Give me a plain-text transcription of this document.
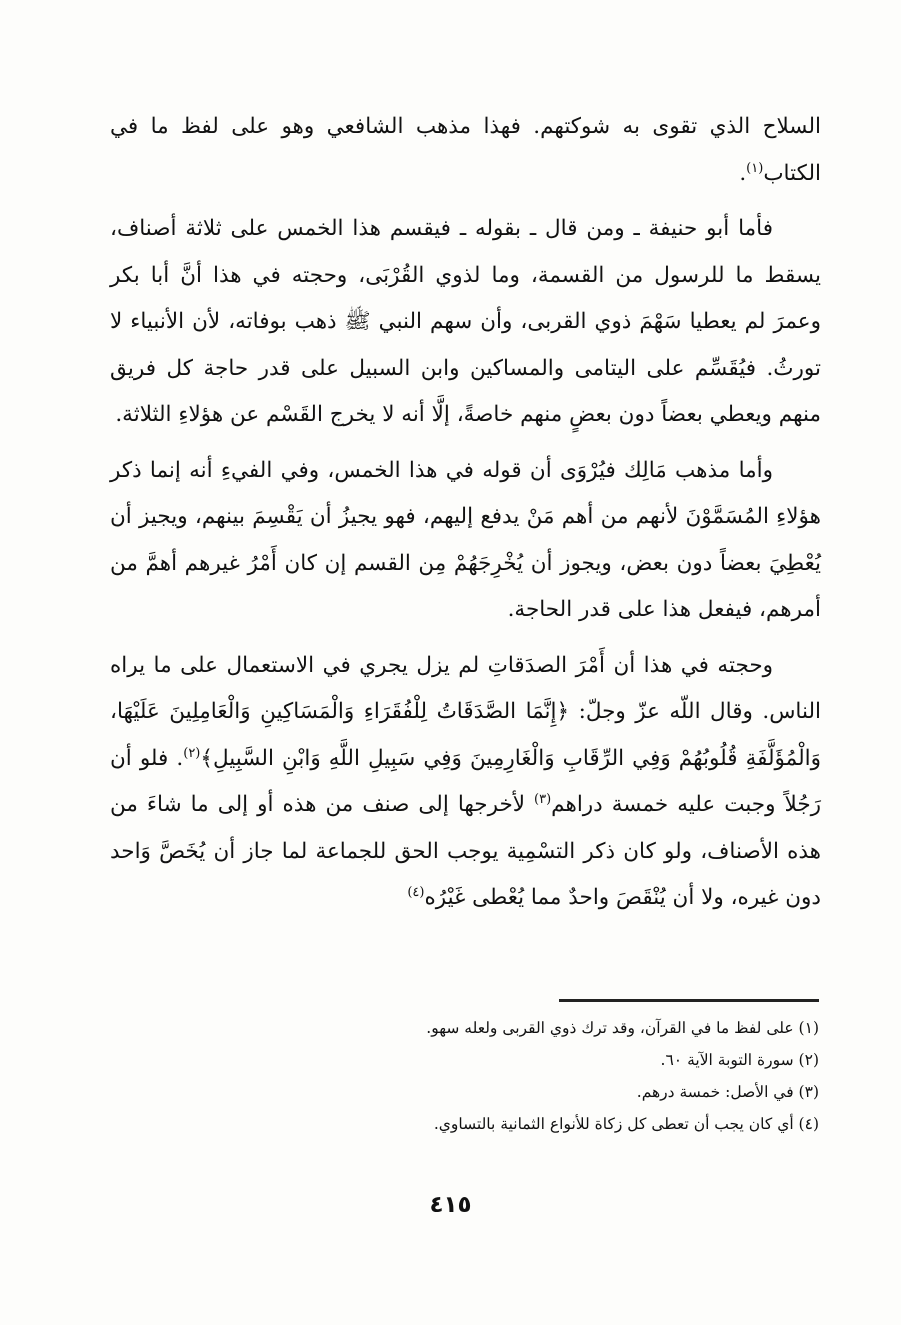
السلاح الذي تقوى به شوكتهم. فهذا مذهب الشافعي وهو على لفظ ما في الكتاب$^{(١)}$.

فأما أبو حنيفة ـ ومن قال ـ بقوله ـ فيقسم هذا الخمس على ثلاثة أصناف، يسقط ما للرسول من القسمة، وما لذوي القُرْبَى، وحجته في هذا أنَّ أبا بكر وعمرَ لم يعطيا سَهْمَ ذوي القربى، وأن سهم النبي ﷺ ذهب بوفاته، لأن الأنبياء لا تورثُ. فيُقَسِّم على اليتامى والمساكين وابن السبيل على قدر حاجة كل فريق منهم ويعطي بعضاً دون بعضٍ منهم خاصةً، إلَّا أنه لا يخرج القَسْم عن هؤلاءِ الثلاثة.

وأما مذهب مَالِك فيُرْوَى أن قوله في هذا الخمس، وفي الفيءِ أنه إنما ذكر هؤلاءِ المُسَمَّوْنَ لأنهم من أهم مَنْ يدفع إليهم، فهو يجيزُ أن يَقْسِمَ بينهم، ويجيز أن يُعْطِيَ بعضاً دون بعض، ويجوز أن يُخْرِجَهُمْ مِن القسم إن كان أَمْرُ غيرهم أهمَّ من أمرهم، فيفعل هذا على قدر الحاجة.

وحجته في هذا أن أَمْرَ الصدَقاتِ لم يزل يجري في الاستعمال على ما يراه الناس. وقال اللّه عزّ وجلّ: ﴿إِنَّمَا الصَّدَقَاتُ لِلْفُقَرَاءِ وَالْمَسَاكِينِ وَالْعَامِلِينَ عَلَيْهَا، وَالْمُؤَلَّفَةِ قُلُوبُهُمْ وَفِي الرِّقَابِ وَالْغَارِمِينَ وَفِي سَبِيلِ اللَّهِ وَابْنِ السَّبِيلِ﴾$^{(٢)}$. فلو أن رَجُلاً وجبت عليه خمسة دراهم$^{(٣)}$ لأخرجها إلى صنف من هذه أو إلى ما شاءَ من هذه الأصناف، ولو كان ذكر التسْمِية يوجب الحق للجماعة لما جاز أن يُخَصَّ وَاحد دون غيره، ولا أن يُنْقَصَ واحدٌ مما يُعْطى غَيْرُه$^{(٤)}$

(١) على لفظ ما في القرآن، وقد ترك ذوي القربى ولعله سهو.

(٢) سورة التوبة الآية ٦٠.

(٣) في الأصل: خمسة درهم.

(٤) أي كان يجب أن تعطى كل زكاة للأنواع الثمانية بالتساوي.

٤١٥
